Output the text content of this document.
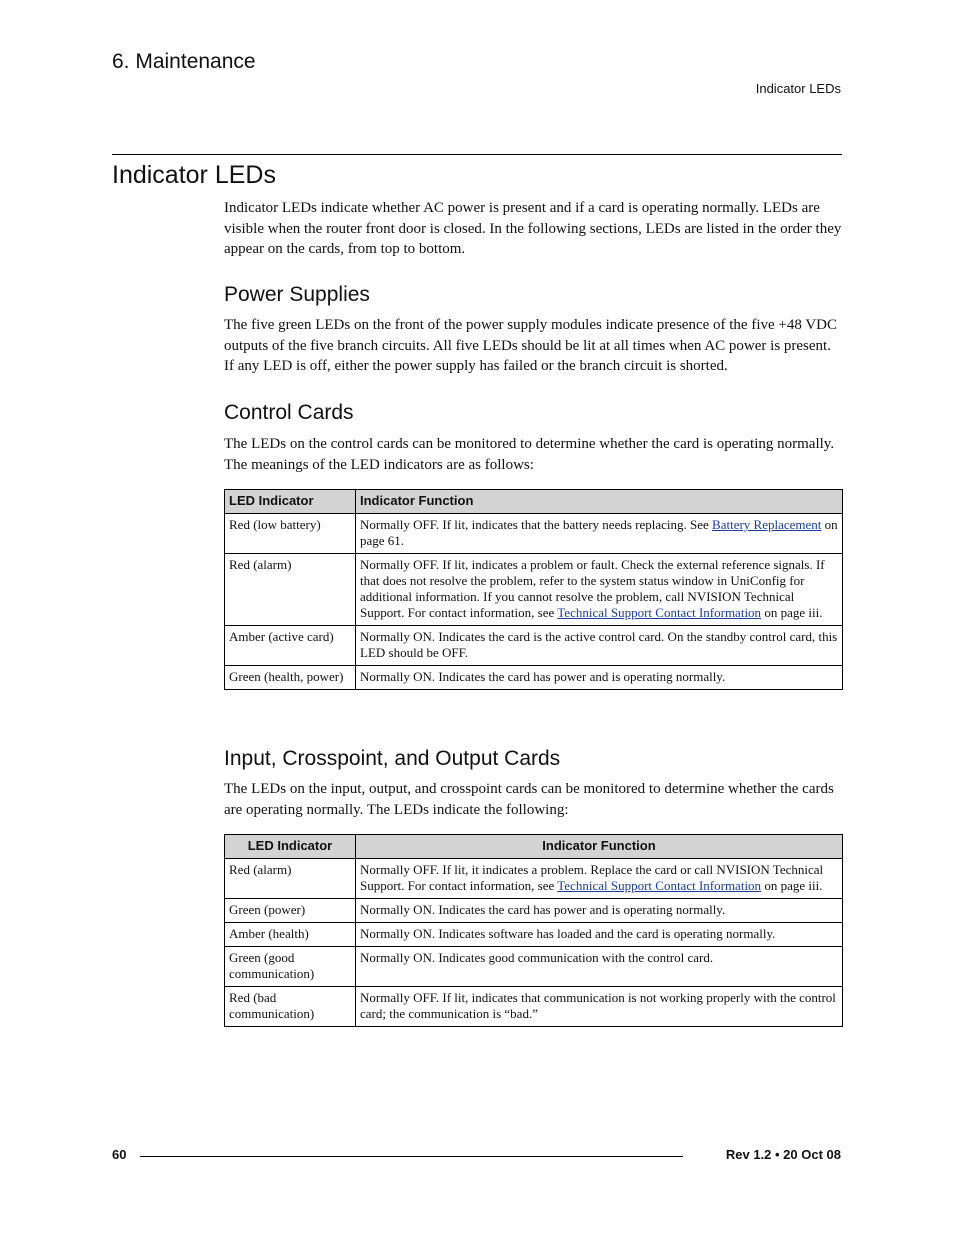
6. Maintenance
Indicator LEDs
Indicator LEDs
Indicator LEDs indicate whether AC power is present and if a card is operating normally. LEDs are visible when the router front door is closed. In the following sections, LEDs are listed in the order they appear on the cards, from top to bottom.
Power Supplies
The five green LEDs on the front of the power supply modules indicate presence of the five +48 VDC outputs of the five branch circuits. All five LEDs should be lit at all times when AC power is present. If any LED is off, either the power supply has failed or the branch circuit is shorted.
Control Cards
The LEDs on the control cards can be monitored to determine whether the card is operating normally. The meanings of the LED indicators are as follows:
LED Indicator	Indicator Function
Red (low battery)	Normally OFF. If lit, indicates that the battery needs replacing. See Battery Replacement on page 61.
Red (alarm)	Normally OFF. If lit, indicates a problem or fault. Check the external reference signals. If that does not resolve the problem, refer to the system status window in UniConfig for additional information. If you cannot resolve the problem, call NVISION Technical Support. For contact information, see Technical Support Contact Information on page iii.
Amber (active card)	Normally ON. Indicates the card is the active control card. On the standby control card, this LED should be OFF.
Green (health, power)	Normally ON. Indicates the card has power and is operating normally.
Input, Crosspoint, and Output Cards
The LEDs on the input, output, and crosspoint cards can be monitored to determine whether the cards are operating normally. The LEDs indicate the following:
LED Indicator	Indicator Function
Red (alarm)	Normally OFF. If lit, it indicates a problem. Replace the card or call NVISION Technical Support. For contact information, see Technical Support Contact Information on page iii.
Green (power)	Normally ON. Indicates the card has power and is operating normally.
Amber (health)	Normally ON. Indicates software has loaded and the card is operating normally.
Green (good communication)	Normally ON. Indicates good communication with the control card.
Red (bad communication)	Normally OFF. If lit, indicates that communication is not working properly with the control card; the communication is “bad.”
60	Rev 1.2 • 20 Oct 08
